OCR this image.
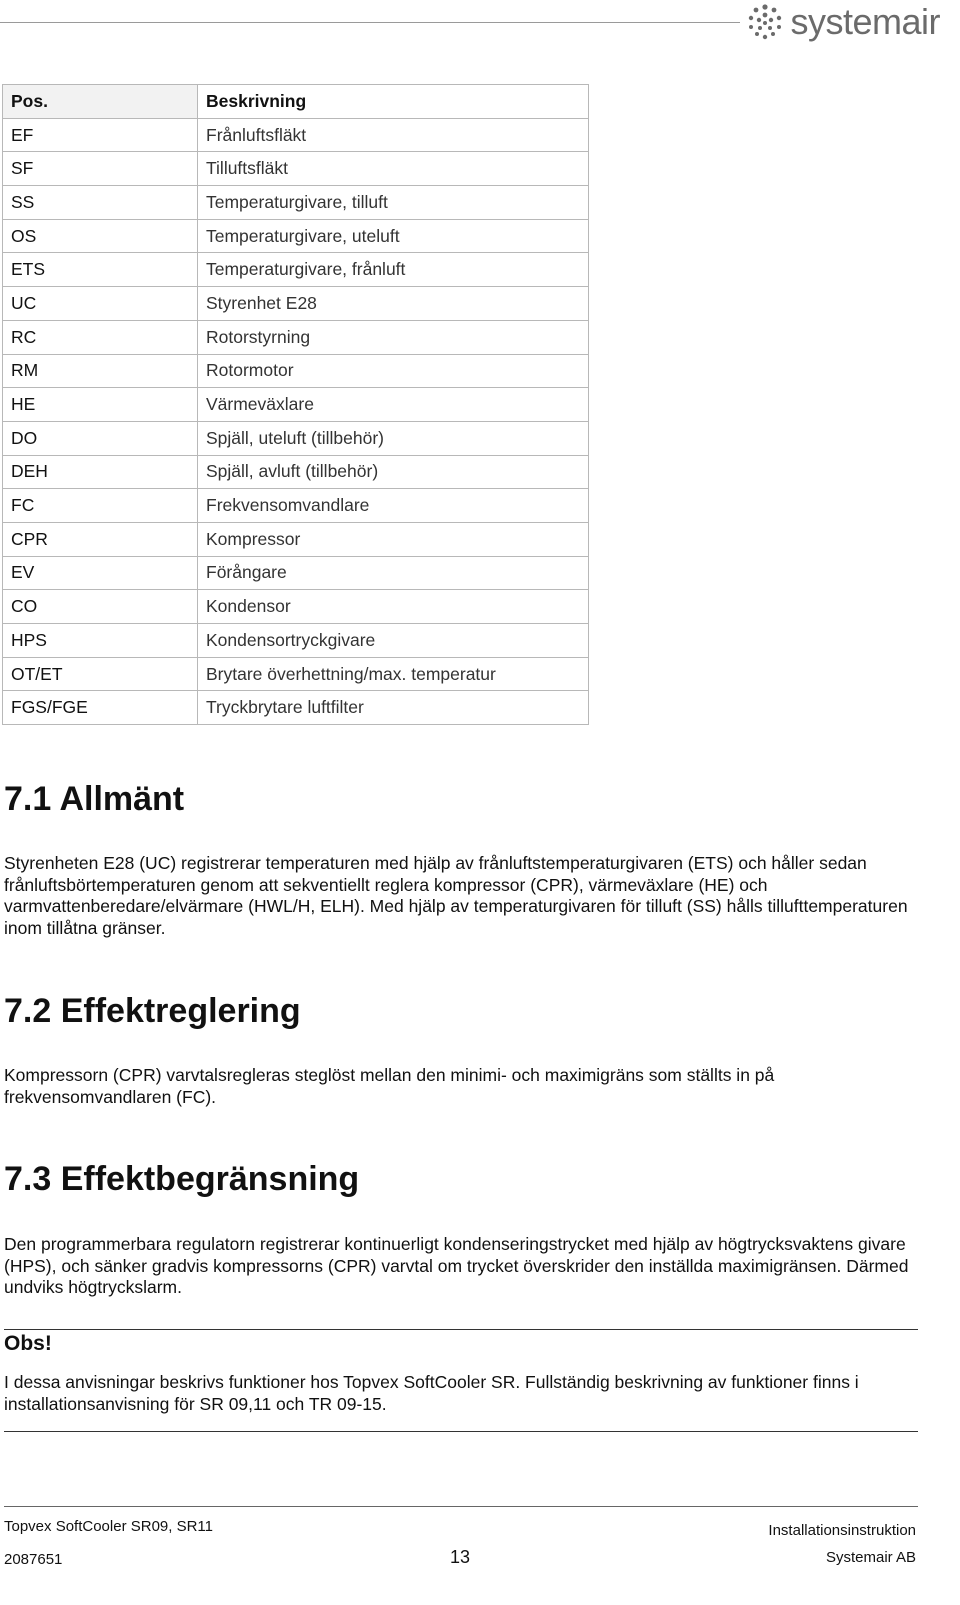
systemair
Pos.	Beskrivning
EF	Frånluftsfläkt
SF	Tilluftsfläkt
SS	Temperaturgivare, tilluft
OS	Temperaturgivare, uteluft
ETS	Temperaturgivare, frånluft
UC	Styrenhet E28
RC	Rotorstyrning
RM	Rotormotor
HE	Värmeväxlare
DO	Spjäll, uteluft (tillbehör)
DEH	Spjäll, avluft (tillbehör)
FC	Frekvensomvandlare
CPR	Kompressor
EV	Förångare
CO	Kondensor
HPS	Kondensortryckgivare
OT/ET	Brytare överhettning/max. temperatur
FGS/FGE	Tryckbrytare luftfilter
7.1 Allmänt

Styrenheten E28 (UC) registrerar temperaturen med hjälp av frånluftstemperaturgivaren (ETS) och håller sedan frånluftsbörtemperaturen genom att sekventiellt reglera kompressor (CPR), värmeväxlare (HE) och varmvattenberedare/elvärmare (HWL/H, ELH). Med hjälp av temperaturgivaren för tilluft (SS) hålls tillufttemperaturen inom tillåtna gränser.

7.2 Effektreglering

Kompressorn (CPR) varvtalsregleras steglöst mellan den minimi- och maximigräns som ställts in på frekvensomvandlaren (FC).

7.3 Effektbegränsning

Den programmerbara regulatorn registrerar kontinuerligt kondenseringstrycket med hjälp av högtrycksvaktens givare (HPS), och sänker gradvis kompressorns (CPR) varvtal om trycket överskrider den inställda maximigränsen. Därmed undviks högtryckslarm.

Obs!

I dessa anvisningar beskrivs funktioner hos Topvex SoftCooler SR. Fullständig beskrivning av funktioner finns i installationsanvisning för SR 09,11 och TR 09-15.

Topvex SoftCooler SR09, SR11
2087651	13
Installationsinstruktion
Systemair AB
